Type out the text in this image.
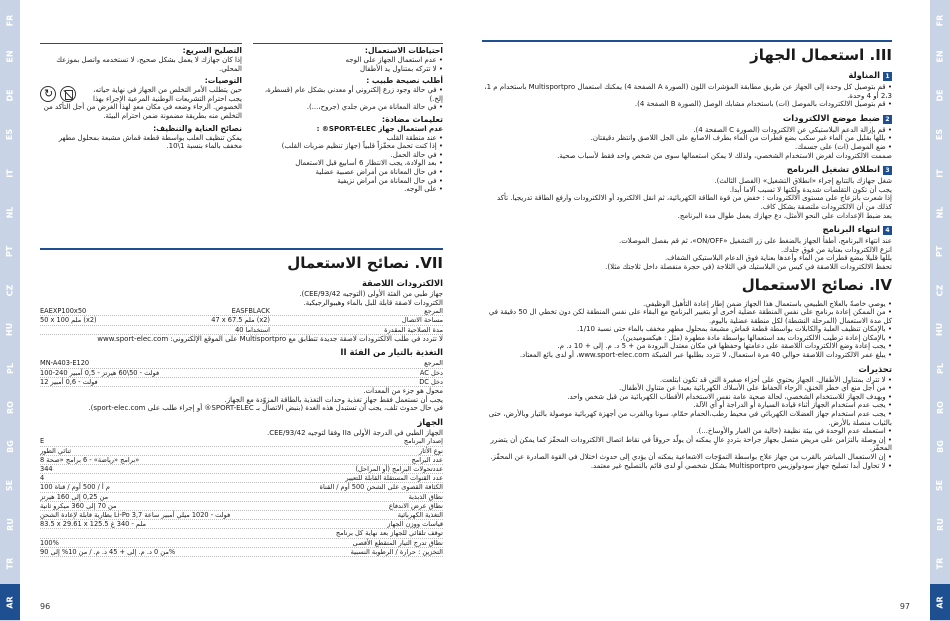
FR
EN
DE
ES
IT
NL
PT
CZ
HU
PL
RO
BG
SE
RU
TR
AR
FR
EN
DE
ES
IT
NL
PT
CZ
HU
PL
RO
BG
SE
RU
TR
AR
96	97
III. استعمال الجهاز
1المناولة
• قم بتوصيل كل وحدة إلى الجهاز عن طريق مطابقة المؤشرات اللون (الصورة A الصفحة 4) يمكنك استعمال Multisportpro باستخدام م 1، 2،3 أو 4 وحدة.
• قم بتوصيل الالكترودات بالموصل (ات) باستخدام مشابك الوصل (الصورة B الصفحة 4).
2ضبط موضع الالكترودات
• قم بإزالة الدعم البلاستيكي عن الالكترودات (الصورة C الصفحة 4).
• بللها بقليل من الماء غير سكب بضع قطرات من الماء بطرف الاصابع على الجل اللاصق وانتظر دقيقتان.
• ضع الموصل (ات) على جسمك.

صممت الالكترودات لغرض الاستخدام الشخصي، ولذلك لا يمكن استعمالها سوى من شخص واحد فقط لأسباب صحية.

3انطلاق تشغيل البرنامج

شغل جهازك بالتتابع إجراء «انطلاق التشغيل» (الفصل الثالث).

يجب أن تكون التقلصات شديدة ولكنها لا تسبب آلاما أبدا.

إذا شعرت بانزعاج على مستوى الالكترودات : خفض من قوة الطاقة الكهربائية، ثم انقل الالكترود أو الالكترودات وارفع الطاقة تدريجيا. تأكد كذلك من أن الالكترودات ملتصقة بشكل كاف.

بعد ضبط الإعدادات على النحو الأمثل، دع جهازك يعمل طوال مدة البرنامج.

4انتهاء البرنامج

عند انتهاء البرنامج، أطفأ الجهاز بالضغط على زر التشغيل «ON/OFF»، ثم قم بفصل الموصلات.

انزع الالكترودات بعناية من فوق جلدك.

بللها قليلا ببضع قطرات من الماء وأعدها بعناية فوق الدعام البلاستيكي الشفاف.

تحفظ الالكترودات اللاصقة في كيس من البلاستيك في الثلاجة (في حجرة منفصلة داخل ثلاجتك مثلا).

IV. نصائح الاستعمال
• يوصي خاصةً بالعلاج الطبيعي باستعمال هذا الجهاز ضمن إطار إعادة التأهيل الوظيفي.
• من الممكن إعادة برنامج على نفس المنطقة عضلية أخرى أو بتغيير البرنامج مع البقاء على نفس المنطقة لكن دون تخطي ال 50 دقيقة في كل مدة الاستعمال (المرحلة النشطة) لكل منطقة عضلية باليوم.
• بالإمكان تنظيف العلبة والكابلات بواسطة قطعة قماش مشبعة بمحلول مطهر مخفف بالماء حتى نسبة 1/10.
• بالإمكان إعادة ترطيب الالكترودات بعد استعمالها بواسطة مادة مطهرة (مثل : هيكسوميدين).
• يجب إعادة وضع الالكترودات اللاصقة على دعامتها وحفظها في مكان معتدل البرودة من + 5 د. م. إلى + 10 د. م.
• يبلغ عمر الالكترودات اللاصقة حوالي 40 مرة استعمال، لا تتردد بطلبها عبر الشبكة www.sport-elec.com، أو لدى بائع المعتاد.
تحذيرات
• لا تترك بمتناول الأطفال. الجهاز يحتوي على أجزاء صغيرة التي قد تكون ابتلعت.
• من أجل منع أي خطر الخنق، الرجاء الحفاظ على الأسلاك الكهربائية بعيدا عن متناول الأطفال.
• ويهدف الجهاز للاستخدام الشخصي، لحالة صحية عامة نفس الاستخدام الأقطاب الكهربائية من قبل شخص واحد.
• يجب عدم استخدام الجهاز أثناء قيادة السيارة أو الدراجة أو أي الآلة.
• يجب عدم استخدام جهاز العضلات الكهربائي في محيط رطب،الحمام حمّام، سونا وبالقرب من أجهزة كهربائية موصولة بالتيار وبالأرض، حتى بالثياب منصلة بالأرض.
• استعمله عدم الوحدة في بيئة نظيفة (خالية من الغبار والأوساخ...).
• إن وصلة بالتزامن على مريض متصل بجهاز جراحة بترددٍ عالٍ يمكنه أن يولّد حروقاً في نقاط اتصال الالكترودات المحفّز كما يمكن أن يتضرر المحفّز.
• إن الاستعمال المباشر بالقرب من جهاز علاج بواسطة التموّجات الاشعاعية يمكنه أن يؤدي إلى حدوث اختلال في القوة الصادرة عن المحفّز.
• لا تحاول أبدا تصليح جهاز سودولوزيس Multisportpro بشكل شخصي أو لدى قائم بالتصليح غير معتمد.
احتياطات الاستعمال:
• عدم استعمال الجهاز على الوجه
• لا تتركه بمتناول يد الأطفال
أطلب نصيحة طبيب :
• في حالة وجود زرع إلكتروني أو معدني بشكل عام (قسطرة، إلخ.)
• في حالة المعاناة من مرض جلدي (جروح،...).
تعليمات مضادة:

عدم استعمال جهاز SPORT-ELEC® :

• عند منطقة القلب
• إذا كنت تحمل محفّزاً قلبياً (جهاز تنظيم ضربات القلب)
• في حالة الحمل.
• بعد الولادة، يجب الانتظار 6 أسابيع قبل الاستعمال
• في حال المعاناة من أمراض عصبية عضلية
• في حال المعاناة من أمراض نزيفية
• على الوجه.
التصليح السريع:

إذا كان جهازك لا يعمل بشكل صحيح، لا تستخدمه واتصل بموزعك المحلي.

التوصيات:
↻

حين يتطلب الأمر التخلص من الجهاز في نهاية حياته، يجب احترام التشريعات الوطنية المرعية الإجراء بهذا الخصوص. الرجاء وضعه في مكان معدٍ لهذا الغرض من أجل التأكد من التخلص منه بطريقة مضمونة ضمن احترام البيئة.

نصائح العناية والتنظيف:

يمكن تنظيف العلب بواسطة قطعة قماش مشبعة بمحلول مطهر مخفف بالماء بنسبة 1\10.

VII. نصائح الاستعمال
الالكترودات اللاصقة

جهاز طبي من الفئة الأولى (التوجيه 93/42/CEE).

الكترودات لاصقة قابلة للبل بالماء وهيبوالرجيكية.

المرجع
EAEXP100x50	EASFBLACK
مساحة الاتصال
50 x 100 ملم (x2)	47 x 67.5 ملم (x2)
مدة الصلاحية المقدرة
40 استخداما

لا تتردد في طلب الالكترودات لاصقة جديدة تتطابق مع Multisportpro على الموقع الإلكتروني: www.sport-elec.com

التغذية بالتيار من الفئة II
المرجع
MN-A403-E120
دخل AC
100-240 فولت - 50\60 هيرتز - 0,5 أمبير
دخل DC
12 فولت - 0,6 أمبير

محول هو جزء من المعدات.

يجب أن تستعمل فقط جهاز تغذية وحدات التغذية بالطاقة المزوّدة مع الجهاز.

في حال حدوث تلف، يجب أن تستبدل هذه الغدة (بنبض الاتصال بـ SPORT-ELEC® أو إجراء طلب على sport-elec.com).

الجهاز

الجهاز الطبي في الدرجة الأولى IIa وفقا لتوجيه 93/42/CEE.

إصدار البرنامج
E
نوع الأثار
ثنائي الطور
عدد البرامج
8 برامج «رياضة» - 6 برامج «صحة»
عددتحولات البرامج (أو المراحل)
344
عدد القنوات المستقلة القابلة للتعيير
4
الكثافة القصوى على الشحن 500 أوم / القناة
100 م أ / 500 أوم / قناة
نطاق الذبذبة
من 0,25 إلى 160 هيرتز
نطاق عرض الاندفاع
من 70 إلى 360 ميكرو ثانية
التغذية الكهربائية
بطارية قابلة لإعادة الشحن Li-Po 3,7 فولت - 1020 ميلي أمبير ساعة
قياسات ووزن الجهاز
83.5 x 29.61 x 125.5 ملم - 340 غ
توقف تلقائي للجهاز بعد نهاية كل برنامج
نطاق تدرج التيار المتقطع الأقصى
100%
التخزين : حرارة / الرطوبة النسبية
من 0 د. م. إلى + 45 د. م. / من 10% إلى 90%
